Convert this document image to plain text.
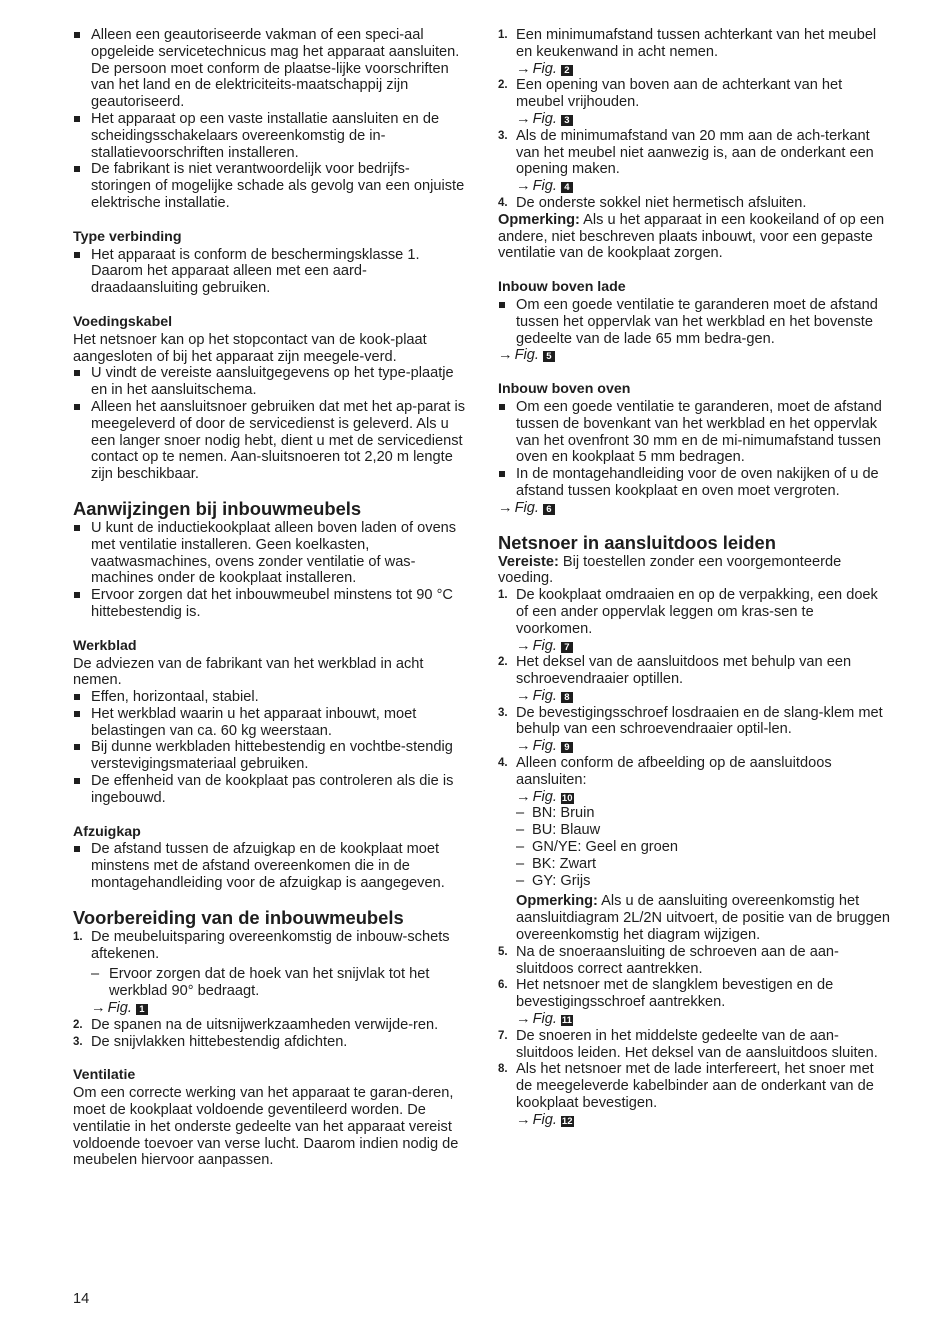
Alleen een geautoriseerde vakman of een speci-aal opgeleide servicetechnicus mag het apparaat aansluiten. De persoon moet conform de plaatse-lijke voorschriften van het land en de elektriciteits-maatschappij zijn geautoriseerd.
Het apparaat op een vaste installatie aansluiten en de scheidingsschakelaars overeenkomstig de in-stallatievoorschriften installeren.
De fabrikant is niet verantwoordelijk voor bedrijfs-storingen of mogelijke schade als gevolg van een onjuiste elektrische installatie.

Type verbinding

Het apparaat is conform de beschermingsklasse 1. Daarom het apparaat alleen met een aard-draadaansluiting gebruiken.

Voedingskabel

Het netsnoer kan op het stopcontact van de kook-plaat aangesloten of bij het apparaat zijn meegele-verd.

U vindt de vereiste aansluitgegevens op het type-plaatje en in het aansluitschema.
Alleen het aansluitsnoer gebruiken dat met het ap-parat is meegeleverd of door de servicedienst is geleverd. Als u een langer snoer nodig hebt, dient u met de servicedienst contact op te nemen. Aan-sluitsnoeren tot 2,20 m lengte zijn beschikbaar.

Aanwijzingen bij inbouwmeubels

U kunt de inductiekookplaat alleen boven laden of ovens met ventilatie installeren. Geen koelkasten, vaatwasmachines, ovens zonder ventilatie of was-machines onder de kookplaat installeren.
Ervoor zorgen dat het inbouwmeubel minstens tot 90 °C hittebestendig is.

Werkblad

De adviezen van de fabrikant van het werkblad in acht nemen.

Effen, horizontaal, stabiel.
Het werkblad waarin u het apparaat inbouwt, moet belastingen van ca. 60 kg weerstaan.
Bij dunne werkbladen hittebestendig en vochtbe-stendig verstevigingsmateriaal gebruiken.
De effenheid van de kookplaat pas controleren als die is ingebouwd.

Afzuigkap

De afstand tussen de afzuigkap en de kookplaat moet minstens met de afstand overeenkomen die in de montagehandleiding voor de afzuigkap is aangegeven.

Voorbereiding van de inbouwmeubels

1. De meubeluitsparing overeenkomstig de inbouw-schets aftekenen.
– Ervoor zorgen dat de hoek van het snijvlak tot het werkblad 90° bedraagt.
→ Fig. 1
2. De spanen na de uitsnijwerkzaamheden verwijde-ren.
3. De snijvlakken hittebestendig afdichten.

Ventilatie

Om een correcte werking van het apparaat te garan-deren, moet de kookplaat voldoende geventileerd worden. De ventilatie in het onderste gedeelte van het apparaat vereist voldoende toevoer van verse lucht. Daarom indien nodig de meubelen hiervoor aanpassen.

1. Een minimumafstand tussen achterkant van het meubel en keukenwand in acht nemen.
→ Fig. 2
2. Een opening van boven aan de achterkant van het meubel vrijhouden.
→ Fig. 3
3. Als de minimumafstand van 20 mm aan de ach-terkant van het meubel niet aanwezig is, aan de onderkant een opening maken.
→ Fig. 4
4. De onderste sokkel niet hermetisch afsluiten.

Opmerking: Als u het apparaat in een kookeiland of op een andere, niet beschreven plaats inbouwt, voor een gepaste ventilatie van de kookplaat zorgen.

Inbouw boven lade

Om een goede ventilatie te garanderen moet de afstand tussen het oppervlak van het werkblad en het bovenste gedeelte van de lade 65 mm bedra-gen.
→ Fig. 5

Inbouw boven oven

Om een goede ventilatie te garanderen, moet de afstand tussen de bovenkant van het werkblad en het oppervlak van het ovenfront 30 mm en de mi-nimumafstand tussen oven en kookplaat 5 mm bedragen.
In de montagehandleiding voor de oven nakijken of u de afstand tussen kookplaat en oven moet vergroten.
→ Fig. 6

Netsnoer in aansluitdoos leiden

Vereiste: Bij toestellen zonder een voorgemonteerde voeding.

1. De kookplaat omdraaien en op de verpakking, een doek of een ander oppervlak leggen om kras-sen te voorkomen.
→ Fig. 7
2. Het deksel van de aansluitdoos met behulp van een schroevendraaier optillen.
→ Fig. 8
3. De bevestigingsschroef losdraaien en de slang-klem met behulp van een schroevendraaier optil-len.
→ Fig. 9
4. Alleen conform de afbeelding op de aansluitdoos aansluiten:
→ Fig. 10
– BN: Bruin
– BU: Blauw
– GN/YE: Geel en groen
– BK: Zwart
– GY: Grijs

Opmerking: Als u de aansluiting overeenkomstig het aansluitdiagram 2L/2N uitvoert, de positie van de bruggen overeenkomstig het diagram wijzigen.

5. Na de snoeraansluiting de schroeven aan de aan-sluitdoos correct aantrekken.
6. Het netsnoer met de slangklem bevestigen en de bevestigingsschroef aantrekken.
→ Fig. 11
7. De snoeren in het middelste gedeelte van de aan-sluitdoos leiden. Het deksel van de aansluitdoos sluiten.
8. Als het netsnoer met de lade interfereert, het snoer met de meegeleverde kabelbinder aan de onderkant van de kookplaat bevestigen.
→ Fig. 12
14
